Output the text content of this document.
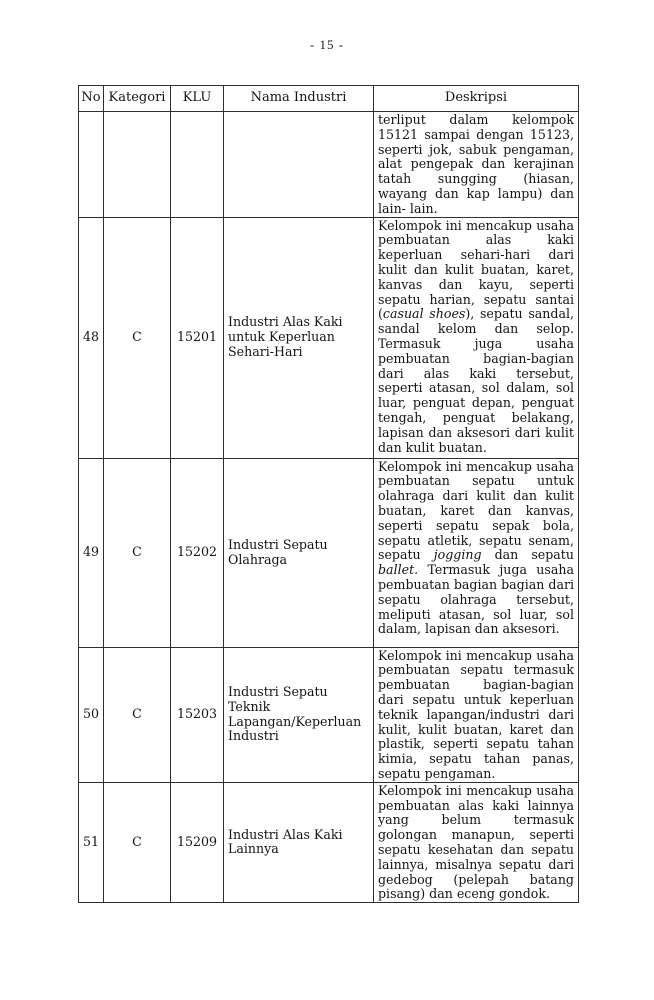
- 15 -
No	Kategori	KLU	Nama Industri	Deskripsi
				terliput dalam kelompok 15121 sampai dengan 15123, seperti jok, sabuk pengaman, alat pengepak dan kerajinan tatah sungging (hiasan, wayang dan kap lampu) dan lain- lain.
48	C	15201	Industri Alas Kaki untuk Keperluan Sehari-Hari	Kelompok ini mencakup usaha pembuatan alas kaki keperluan sehari-hari dari kulit dan kulit buatan, karet, kanvas dan kayu, seperti sepatu harian, sepatu santai (casual shoes), sepatu sandal, sandal kelom dan selop. Termasuk juga usaha pembuatan bagian-bagian dari alas kaki tersebut, seperti atasan, sol dalam, sol luar, penguat depan, penguat tengah, penguat belakang, lapisan dan aksesori dari kulit dan kulit buatan.
49	C	15202	Industri Sepatu Olahraga	Kelompok ini mencakup usaha pembuatan sepatu untuk olahraga dari kulit dan kulit buatan, karet dan kanvas, seperti sepatu sepak bola, sepatu atletik, sepatu senam, sepatu jogging dan sepatu ballet. Termasuk juga usaha pembuatan bagian bagian dari sepatu olahraga tersebut, meliputi atasan, sol luar, sol dalam, lapisan dan aksesori.
50	C	15203	Industri Sepatu Teknik Lapangan/Keperluan Industri	Kelompok ini mencakup usaha pembuatan sepatu termasuk pembuatan bagian-bagian dari sepatu untuk keperluan teknik lapangan/industri dari kulit, kulit buatan, karet dan plastik, seperti sepatu tahan kimia, sepatu tahan panas, sepatu pengaman.
51	C	15209	Industri Alas Kaki Lainnya	Kelompok ini mencakup usaha pembuatan alas kaki lainnya yang belum termasuk golongan manapun, seperti sepatu kesehatan dan sepatu lainnya, misalnya sepatu dari gedebog (pelepah batang pisang) dan eceng gondok.
